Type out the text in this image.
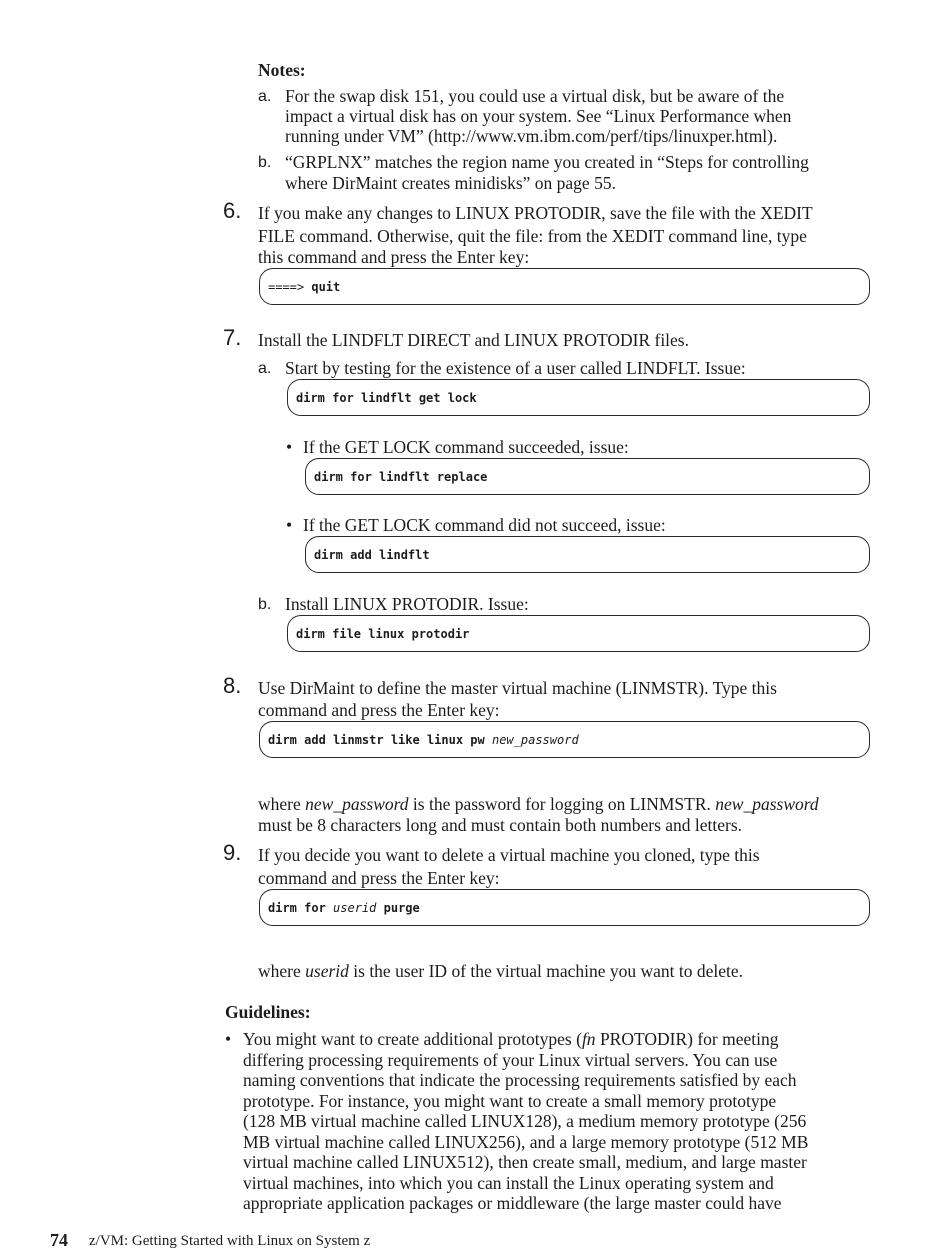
Notes:
a. For the swap disk 151, you could use a virtual disk, but be aware of the
impact a virtual disk has on your system. See “Linux Performance when
running under VM” (http://www.vm.ibm.com/perf/tips/linuxper.html).
b. “GRPLNX” matches the region name you created in “Steps for controlling
where DirMaint creates minidisks” on page 55.
6. If you make any changes to LINUX PROTODIR, save the file with the XEDIT
FILE command. Otherwise, quit the file: from the XEDIT command line, type
this command and press the Enter key:
====> quit
7. Install the LINDFLT DIRECT and LINUX PROTODIR files.
a. Start by testing for the existence of a user called LINDFLT. Issue:
dirm for lindflt get lock
• If the GET LOCK command succeeded, issue:
dirm for lindflt replace
• If the GET LOCK command did not succeed, issue:
dirm add lindflt
b. Install LINUX PROTODIR. Issue:
dirm file linux protodir
8. Use DirMaint to define the master virtual machine (LINMSTR). Type this
command and press the Enter key:
dirm add linmstr like linux pw new_password
where new_password is the password for logging on LINMSTR. new_password
must be 8 characters long and must contain both numbers and letters.
9. If you decide you want to delete a virtual machine you cloned, type this
command and press the Enter key:
dirm for userid purge
where userid is the user ID of the virtual machine you want to delete.
Guidelines:
• You might want to create additional prototypes (fn PROTODIR) for meeting
differing processing requirements of your Linux virtual servers. You can use
naming conventions that indicate the processing requirements satisfied by each
prototype. For instance, you might want to create a small memory prototype
(128 MB virtual machine called LINUX128), a medium memory prototype (256
MB virtual machine called LINUX256), and a large memory prototype (512 MB
virtual machine called LINUX512), then create small, medium, and large master
virtual machines, into which you can install the Linux operating system and
appropriate application packages or middleware (the large master could have
74 z/VM: Getting Started with Linux on System z
